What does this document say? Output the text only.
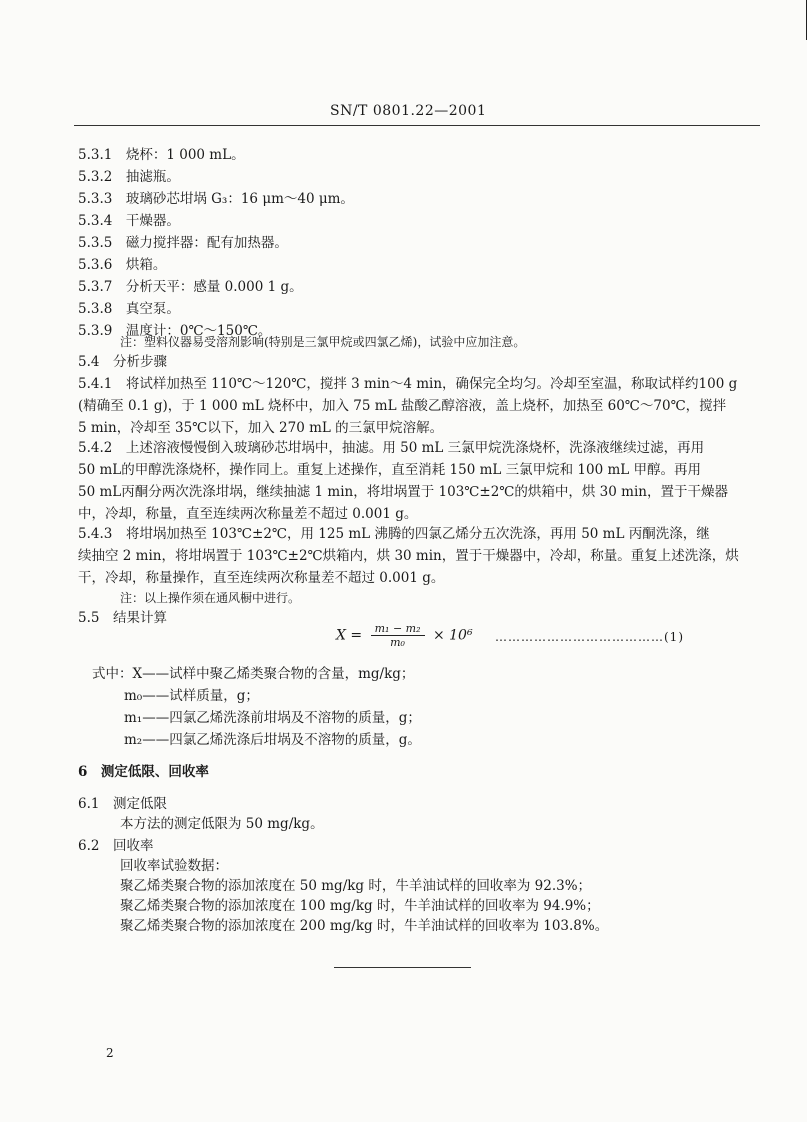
SN/T 0801.22—2001
5.3.1　 烧杯：1 000 mL。
5.3.2　 抽滤瓶。
5.3.3　 玻璃砂芯坩埚 G₃：16 μm～40 μm。
5.3.4　 干燥器。
5.3.5　 磁力搅拌器：配有加热器。
5.3.6　 烘箱。
5.3.7　 分析天平：感量 0.000 1 g。
5.3.8　 真空泵。
5.3.9　 温度计：0℃～150℃。
注：塑料仪器易受溶剂影响(特别是三氯甲烷或四氯乙烯)，试验中应加注意。
5.4　分析步骤
5.4.1　将试样加热至 110℃～120℃，搅拌 3 min～4 min，确保完全均匀。冷却至室温，称取试样约100 g
(精确至 0.1 g)，于 1 000 mL 烧杯中，加入 75 mL 盐酸乙醇溶液，盖上烧杯，加热至 60℃～70℃，搅拌
5 min，冷却至 35℃以下，加入 270 mL 的三氯甲烷溶解。
5.4.2　上述溶液慢慢倒入玻璃砂芯坩埚中，抽滤。用 50 mL 三氯甲烷洗涤烧杯，洗涤液继续过滤，再用
50 mL的甲醇洗涤烧杯，操作同上。重复上述操作，直至消耗 150 mL 三氯甲烷和 100 mL 甲醇。再用
50 mL丙酮分两次洗涤坩埚，继续抽滤 1 min，将坩埚置于 103℃±2℃的烘箱中，烘 30 min，置于干燥器
中，冷却，称量，直至连续两次称量差不超过 0.001 g。
5.4.3　将坩埚加热至 103℃±2℃，用 125 mL 沸腾的四氯乙烯分五次洗涤，再用 50 mL 丙酮洗涤，继
续抽空 2 min，将坩埚置于 103℃±2℃烘箱内，烘 30 min，置于干燥器中，冷却，称量。重复上述洗涤，烘
干，冷却，称量操作，直至连续两次称量差不超过 0.001 g。
注：以上操作须在通风橱中进行。
5.5　结果计算
$X = \frac{\text{m₁ − m₂}}{\text{m₀}} \times 10^6$ …………………………………(1)
式中：X——试样中聚乙烯类聚合物的含量，mg/kg；
m₀——试样质量，g；
m₁——四氯乙烯洗涤前坩埚及不溶物的质量，g；
m₂——四氯乙烯洗涤后坩埚及不溶物的质量，g。
6　测定低限、回收率
6.1　测定低限
本方法的测定低限为 50 mg/kg。
6.2　回收率
回收率试验数据：
聚乙烯类聚合物的添加浓度在 50 mg/kg 时，牛羊油试样的回收率为 92.3%；
聚乙烯类聚合物的添加浓度在 100 mg/kg 时，牛羊油试样的回收率为 94.9%；
聚乙烯类聚合物的添加浓度在 200 mg/kg 时，牛羊油试样的回收率为 103.8%。
2
